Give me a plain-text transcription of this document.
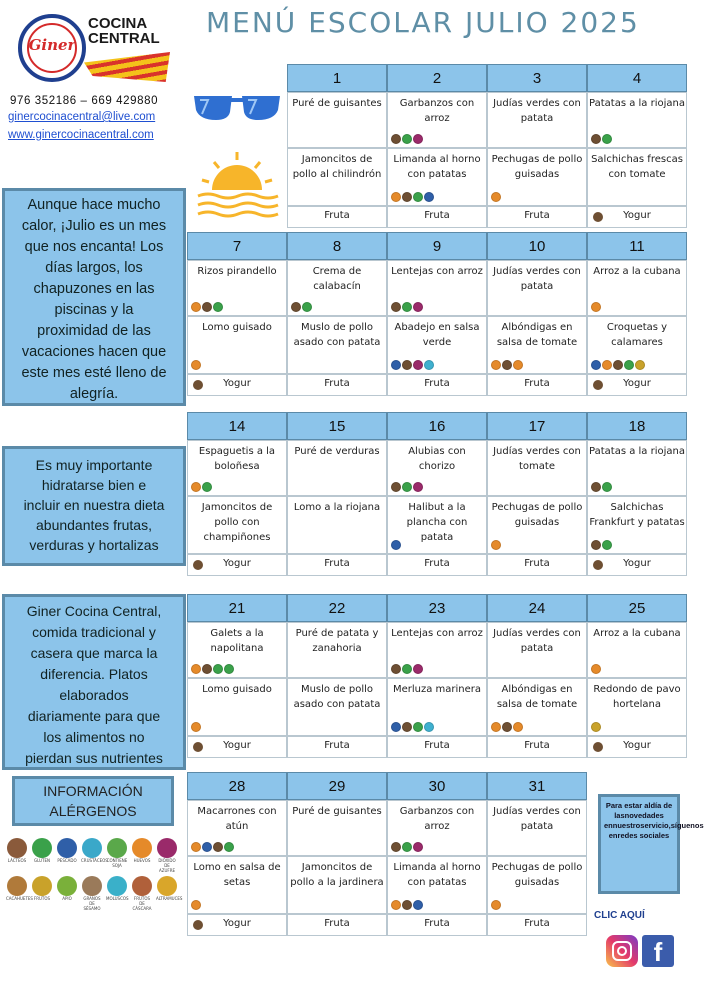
Giner
COCINA
CENTRAL
976 352186 – 669 429880
ginercocinacentral@live.com
www.ginercocinacentral.com
MENÚ ESCOLAR JULIO 2025
Aunque hace mucho
calor, ¡Julio es un mes
que nos encanta! Los
días largos, los
chapuzones en las
piscinas y la
proximidad de las
vacaciones hacen que
este mes esté lleno de
alegría.
Es muy importante
hidratarse bien e
incluir en nuestra dieta
abundantes frutas,
verduras y hortalizas
Giner Cocina Central,
comida tradicional y
casera que marca la
diferencia. Platos
elaborados
diariamente para que
los alimentos no
pierdan sus nutrientes
INFORMACIÓN
ALÉRGENOS
LÁCTEOS	GLUTEN	PESCADO	CRUSTÁCEOS
CONTIENE SOJA
HUEVOS	DIÓXIDO DE AZUFRE
CACAHUETES FRUTOS	APIO	GRANOS DE SÉSAMO
MOLUSCOS	FRUTOS DE CÁSCARA
ALTRAMUCES
1
Puré de guisantes
Jamoncitos de pollo al chilindrón
Fruta
2
Garbanzos con arroz
Limanda al horno con patatas
Fruta
3
Judías verdes con patata
Pechugas de pollo guisadas
Fruta
4
Patatas a la riojana
Salchichas frescas con tomate
Yogur
7
Rizos pirandello
Lomo guisado
Yogur
8
Crema de calabacín
Muslo de pollo asado con patata
Fruta
9
Lentejas con arroz
Abadejo en salsa verde
Fruta
10
Judías verdes con patata
Albóndigas en salsa de tomate
Fruta
11
Arroz a la cubana
Croquetas y calamares
Yogur
14
Espaguetis a la boloñesa
Jamoncitos de pollo con champiñones
Yogur
15
Puré de verduras
Lomo a la riojana
Fruta
16
Alubias con chorizo
Halibut a la plancha con patata
Fruta
17
Judías verdes con tomate
Pechugas de pollo guisadas
Fruta
18
Patatas a la riojana
Salchichas Frankfurt y patatas
Yogur
21
Galets a la napolitana
Lomo guisado
Yogur
22
Puré de patata y zanahoria
Muslo de pollo asado con patata
Fruta
23
Lentejas con arroz
Merluza marinera
Fruta
24
Judías verdes con patata
Albóndigas en salsa de tomate
Fruta
25
Arroz a la cubana
Redondo de pavo hortelana
Yogur
28
Macarrones con atún
Lomo en salsa de setas
Yogur
29
Puré de guisantes
Jamoncitos de pollo a la jardinera
Fruta
30
Garbanzos con arroz
Limanda al horno con patatas
Fruta
31
Judías verdes con patata
Pechugas de pollo guisadas
Fruta
Para estar aldía de lasnovedades ennuestroservicio,síguenos enredes sociales
CLIC AQUÍ
f
